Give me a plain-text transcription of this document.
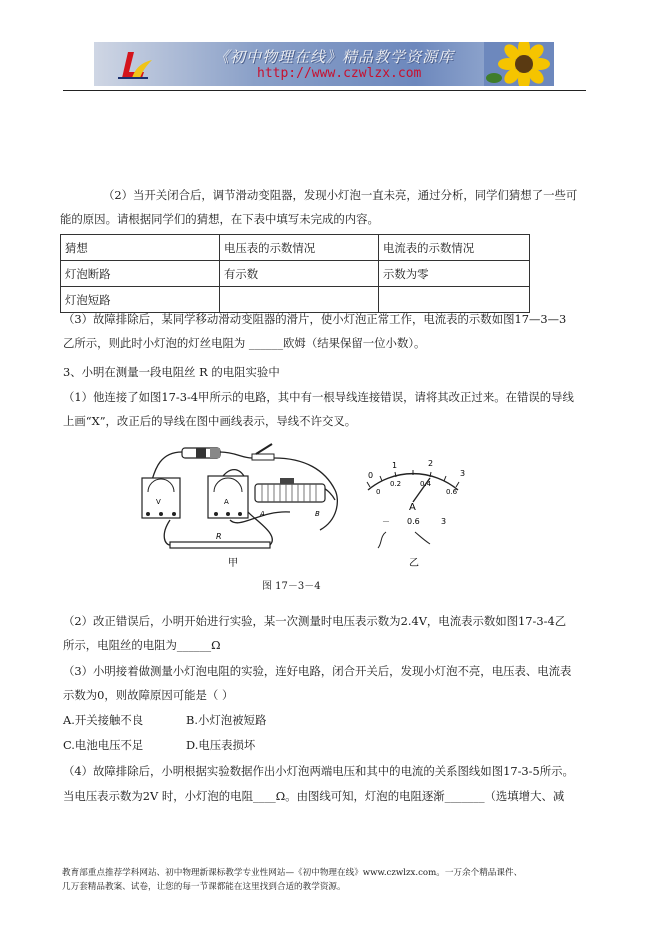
《初中物理在线》精品教学资源库
http://www.czwlzx.com
（2）当开关闭合后，调节滑动变阻器，发现小灯泡一直未亮，通过分析，同学们猜想了一些可
能的原因。请根据同学们的猜想，在下表中填写未完成的内容。
猜想	电压表的示数情况	电流表的示数情况
灯泡断路	有示数	示数为零
灯泡短路		
（3）故障排除后，某同学移动滑动变阻器的滑片，使小灯泡正常工作，电流表的示数如图17—3—3
乙所示，则此时小灯泡的灯丝电阻为 ______欧姆（结果保留一位小数）。
3、小明在测量一段电阻丝 R 的电阻实验中
（1）他连接了如图17-3-4甲所示的电路，其中有一根导线连接错误，请将其改正过来。在错误的导线
上画“X”，改正后的导线在图中画线表示，导线不许交叉。
V	A
A	B
R
甲
0
1	2
3
0
0.2	0.4
0.6
A
－ 0.6	3
乙
图 17－3－4
（2）改正错误后，小明开始进行实验，某一次测量时电压表示数为2.4V，电流表示数如图17-3-4乙
所示，电阻丝的电阻为______Ω
（3）小明接着做测量小灯泡电阻的实验，连好电路，闭合开关后，发现小灯泡不亮，电压表、电流表
示数为0，则故障原因可能是（ ）
A.开关接触不良	B.小灯泡被短路
C.电池电压不足	D.电压表损坏
（4）故障排除后，小明根据实验数据作出小灯泡两端电压和其中的电流的关系图线如图17-3-5所示。
当电压表示数为2V 时，小灯泡的电阻____Ω。由图线可知，灯泡的电阻逐渐_______（选填增大、减
教育部重点推荐学科网站、初中物理新课标教学专业性网站—《初中物理在线》www.czwlzx.com。一万余个精品课件、
几万套精品教案、试卷，让您的每一节课都能在这里找到合适的教学资源。
